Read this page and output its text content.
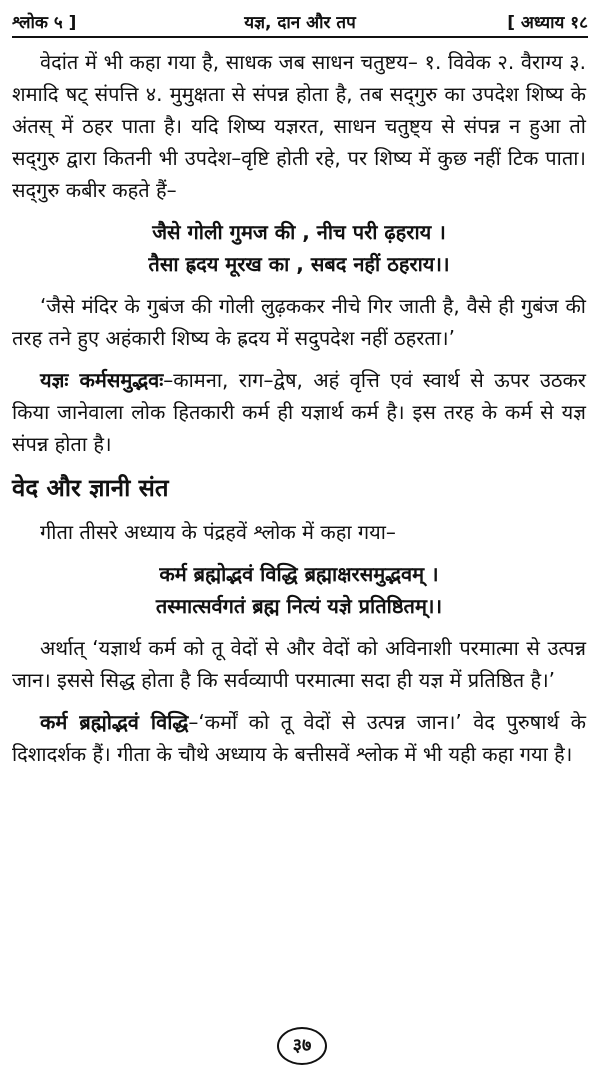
यज्ञ, दान और तप
श्लोक ५ ]	[ अध्याय १८

वेदांत में भी कहा गया है, साधक जब साधन चतुष्टय– १. विवेक २. वैराग्य ३. शमादि षट् संपत्ति ४. मुमुक्षता से संपन्न होता है, तब सद्‌गुरु का उपदेश शिष्य के अंतस् में ठहर पाता है। यदि शिष्य यज्ञरत, साधन चतुष्ट्य से संपन्न न हुआ तो सद्‌गुरु द्वारा कितनी भी उपदेश–वृष्टि होती रहे, पर शिष्य में कुछ नहीं टिक पाता। सद्‌गुरु कबीर कहते हैं–

जैसे गोली गुमज की , नीच परी ढ़हराय ।

तैसा ह्रदय मूरख का , सबद नहीं ठहराय।।

‘जैसे मंदिर के गुबंज की गोली लुढ़ककर नीचे गिर जाती है, वैसे ही गुबंज की तरह तने हुए अहंकारी शिष्य के ह्रदय में सदुपदेश नहीं ठहरता।’

यज्ञः कर्मसमुद्भवः–कामना, राग–द्वेष, अहं वृत्ति एवं स्वार्थ से ऊपर उठकर किया जानेवाला लोक हितकारी कर्म ही यज्ञार्थ कर्म है। इस तरह के कर्म से यज्ञ संपन्न होता है।

वेद और ज्ञानी संत

गीता तीसरे अध्याय के पंद्रहवें श्लोक में कहा गया–

कर्म ब्रह्मोद्भवं विद्धि ब्रह्माक्षरसमुद्भवम् ।

तस्मात्सर्वगतं ब्रह्म नित्यं यज्ञे प्रतिष्ठितम्।।

अर्थात् ‘यज्ञार्थ कर्म को तू वेदों से और वेदों को अविनाशी परमात्मा से उत्पन्न जान। इससे सिद्ध होता है कि सर्वव्यापी परमात्मा सदा ही यज्ञ में प्रतिष्ठित है।’

कर्म ब्रह्मोद्भवं विद्धि–‘कर्मों को तू वेदों से उत्पन्न जान।’ वेद पुरुषार्थ के दिशादर्शक हैं। गीता के चौथे अध्याय के बत्तीसवें श्लोक में भी यही कहा गया है।

३७
